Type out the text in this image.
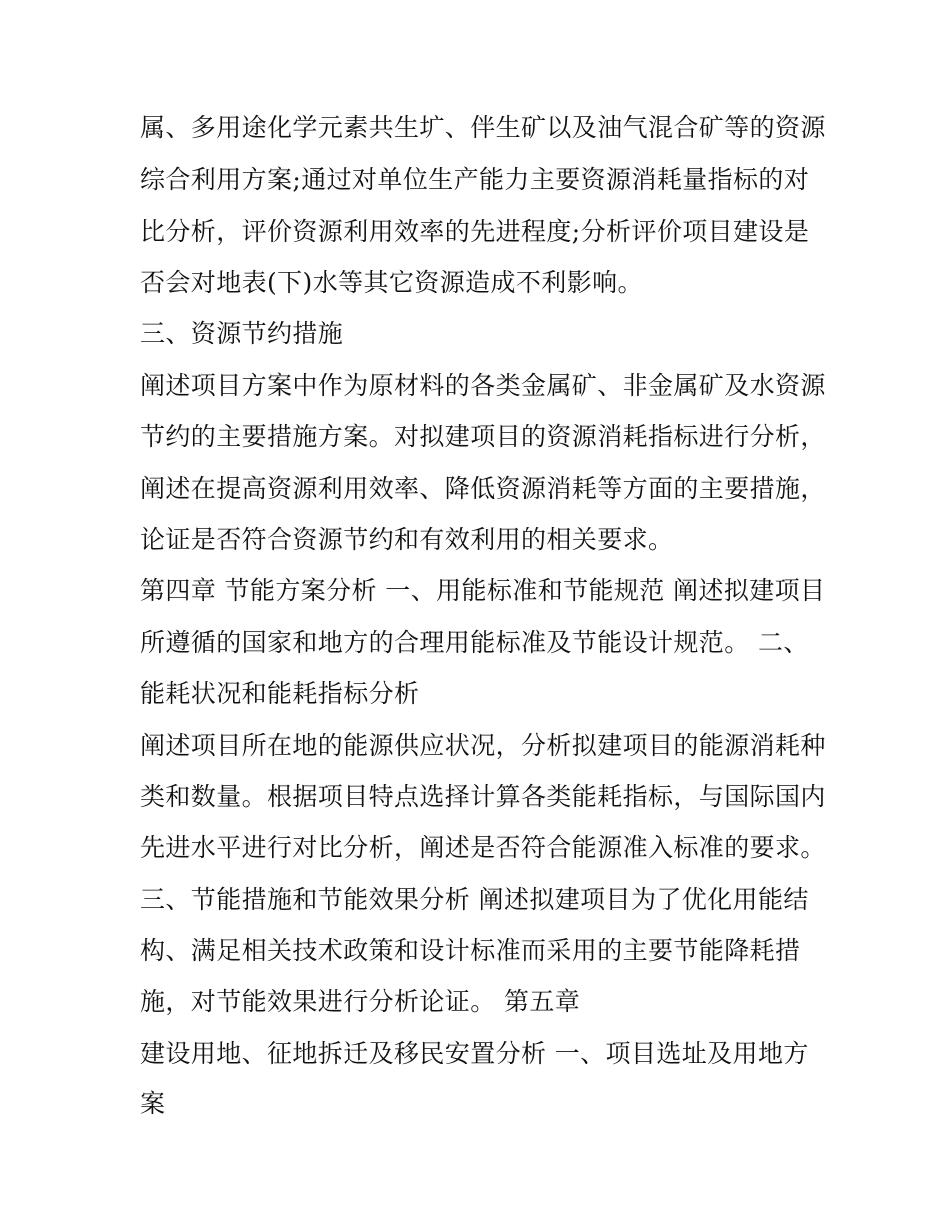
属、多用途化学元素共生圹、伴生矿以及油气混合矿等的资源

综合利用方案;通过对单位生产能力主要资源消耗量指标的对

比分析，评价资源利用效率的先进程度;分析评价项目建设是

否会对地表(下)水等其它资源造成不利影响。

三、资源节约措施

阐述项目方案中作为原材料的各类金属矿、非金属矿及水资源

节约的主要措施方案。对拟建项目的资源消耗指标进行分析，

阐述在提高资源利用效率、降低资源消耗等方面的主要措施，

论证是否符合资源节约和有效利用的相关要求。

第四章 节能方案分析 一、用能标准和节能规范 阐述拟建项目

所遵循的国家和地方的合理用能标准及节能设计规范。 二、

能耗状况和能耗指标分析

阐述项目所在地的能源供应状况，分析拟建项目的能源消耗种

类和数量。根据项目特点选择计算各类能耗指标，与国际国内

先进水平进行对比分析，阐述是否符合能源准入标准的要求。

三、节能措施和节能效果分析 阐述拟建项目为了优化用能结

构、满足相关技术政策和设计标准而采用的主要节能降耗措

施，对节能效果进行分析论证。 第五章

建设用地、征地拆迁及移民安置分析 一、项目选址及用地方

案
